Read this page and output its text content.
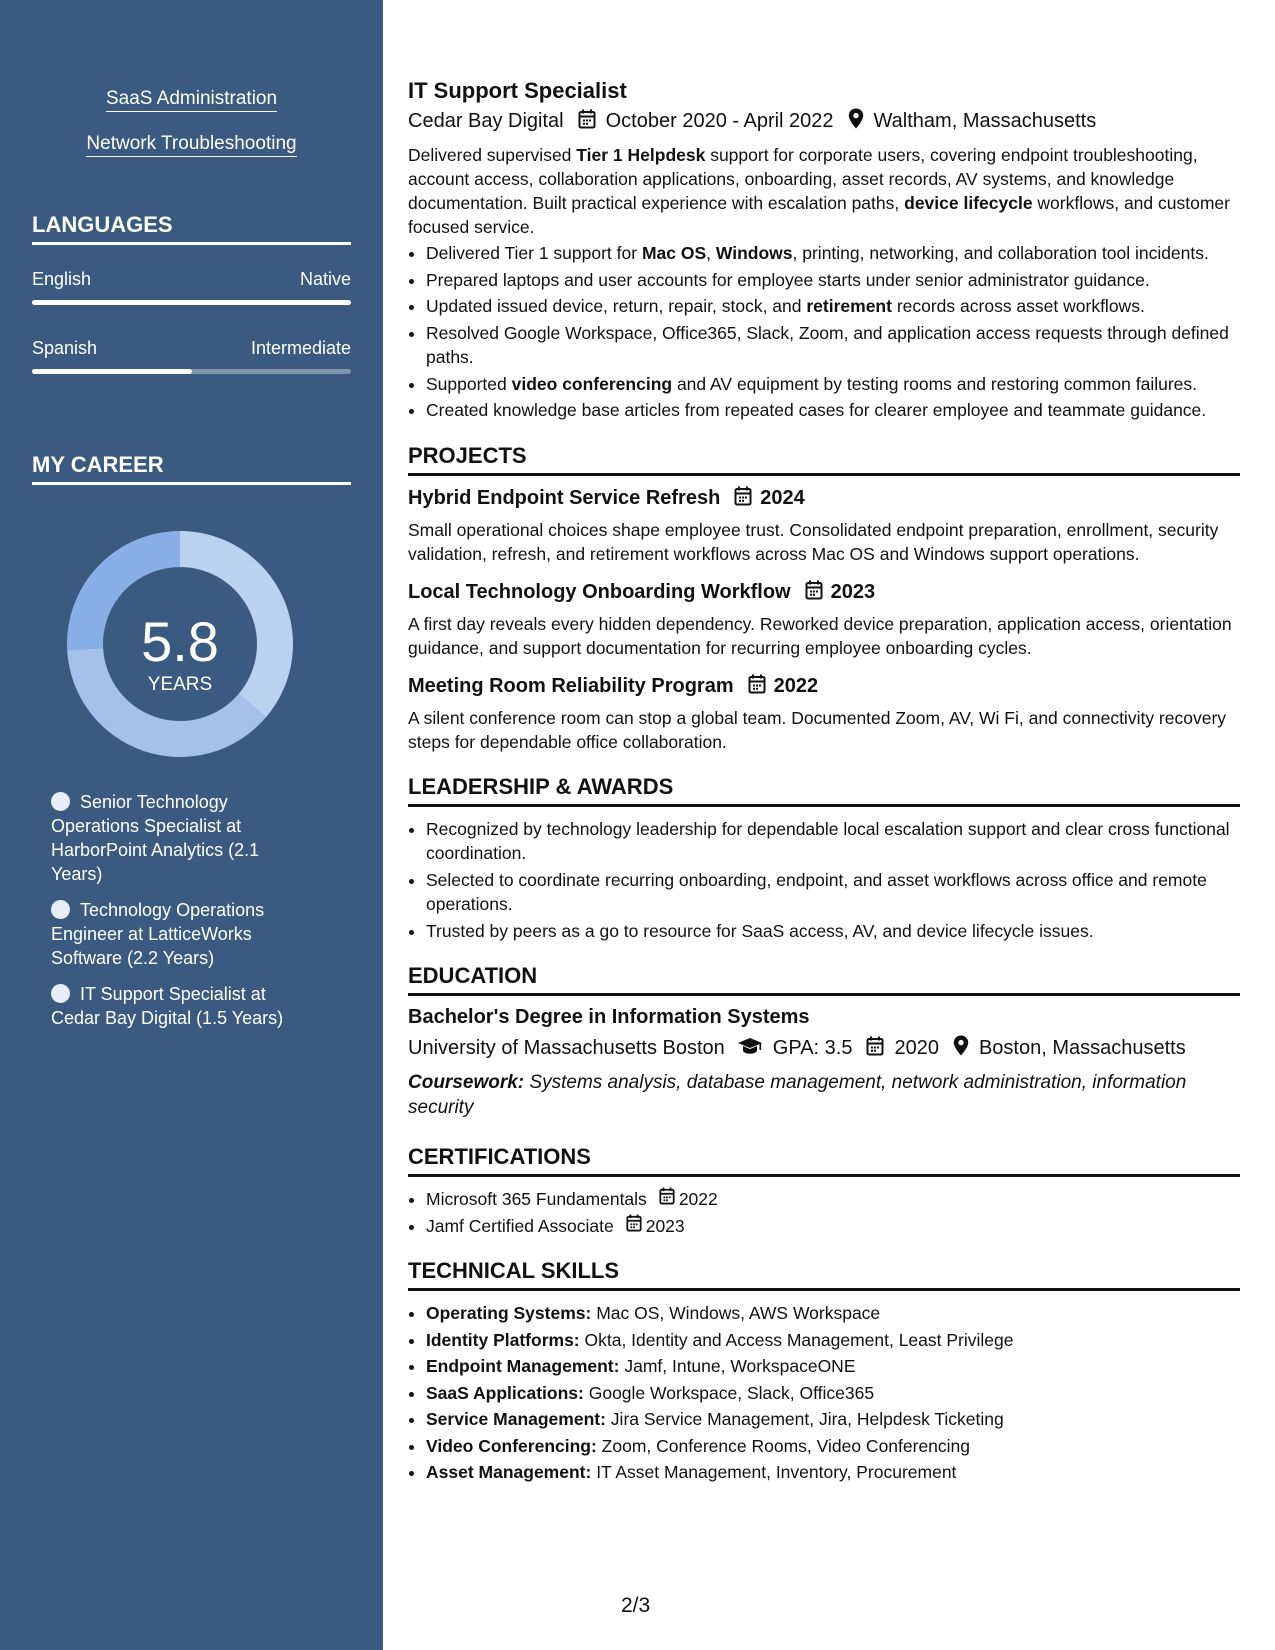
SaaS Administration
Network Troubleshooting
LANGUAGES
English	Native
Spanish	Intermediate
MY CAREER
5.8
YEARS
Senior Technology Operations Specialist at HarborPoint Analytics (2.1 Years)
Technology Operations Engineer at LatticeWorks Software (2.2 Years)
IT Support Specialist at Cedar Bay Digital (1.5 Years)
IT Support Specialist
Cedar Bay Digital October 2020 - April 2022 Waltham, Massachusetts
Delivered supervised Tier 1 Helpdesk support for corporate users, covering endpoint troubleshooting, account access, collaboration applications, onboarding, asset records, AV systems, and knowledge documentation. Built practical experience with escalation paths, device lifecycle workflows, and customer focused service.
• Delivered Tier 1 support for Mac OS, Windows, printing, networking, and collaboration tool incidents.
• Prepared laptops and user accounts for employee starts under senior administrator guidance.
• Updated issued device, return, repair, stock, and retirement records across asset workflows.
• Resolved Google Workspace, Office365, Slack, Zoom, and application access requests through defined paths.
• Supported video conferencing and AV equipment by testing rooms and restoring common failures.
• Created knowledge base articles from repeated cases for clearer employee and teammate guidance.
PROJECTS
Hybrid Endpoint Service Refresh 2024
Small operational choices shape employee trust. Consolidated endpoint preparation, enrollment, security validation, refresh, and retirement workflows across Mac OS and Windows support operations.
Local Technology Onboarding Workflow 2023
A first day reveals every hidden dependency. Reworked device preparation, application access, orientation guidance, and support documentation for recurring employee onboarding cycles.
Meeting Room Reliability Program 2022
A silent conference room can stop a global team. Documented Zoom, AV, Wi Fi, and connectivity recovery steps for dependable office collaboration.
LEADERSHIP & AWARDS
• Recognized by technology leadership for dependable local escalation support and clear cross functional coordination.
• Selected to coordinate recurring onboarding, endpoint, and asset workflows across office and remote operations.
• Trusted by peers as a go to resource for SaaS access, AV, and device lifecycle issues.
EDUCATION
Bachelor's Degree in Information Systems
University of Massachusetts Boston GPA: 3.5 2020 Boston, Massachusetts
Coursework: Systems analysis, database management, network administration, information security
CERTIFICATIONS
• Microsoft 365 Fundamentals 2022
• Jamf Certified Associate 2023
TECHNICAL SKILLS
• Operating Systems: Mac OS, Windows, AWS Workspace
• Identity Platforms: Okta, Identity and Access Management, Least Privilege
• Endpoint Management: Jamf, Intune, WorkspaceONE
• SaaS Applications: Google Workspace, Slack, Office365
• Service Management: Jira Service Management, Jira, Helpdesk Ticketing
• Video Conferencing: Zoom, Conference Rooms, Video Conferencing
• Asset Management: IT Asset Management, Inventory, Procurement
2/3
